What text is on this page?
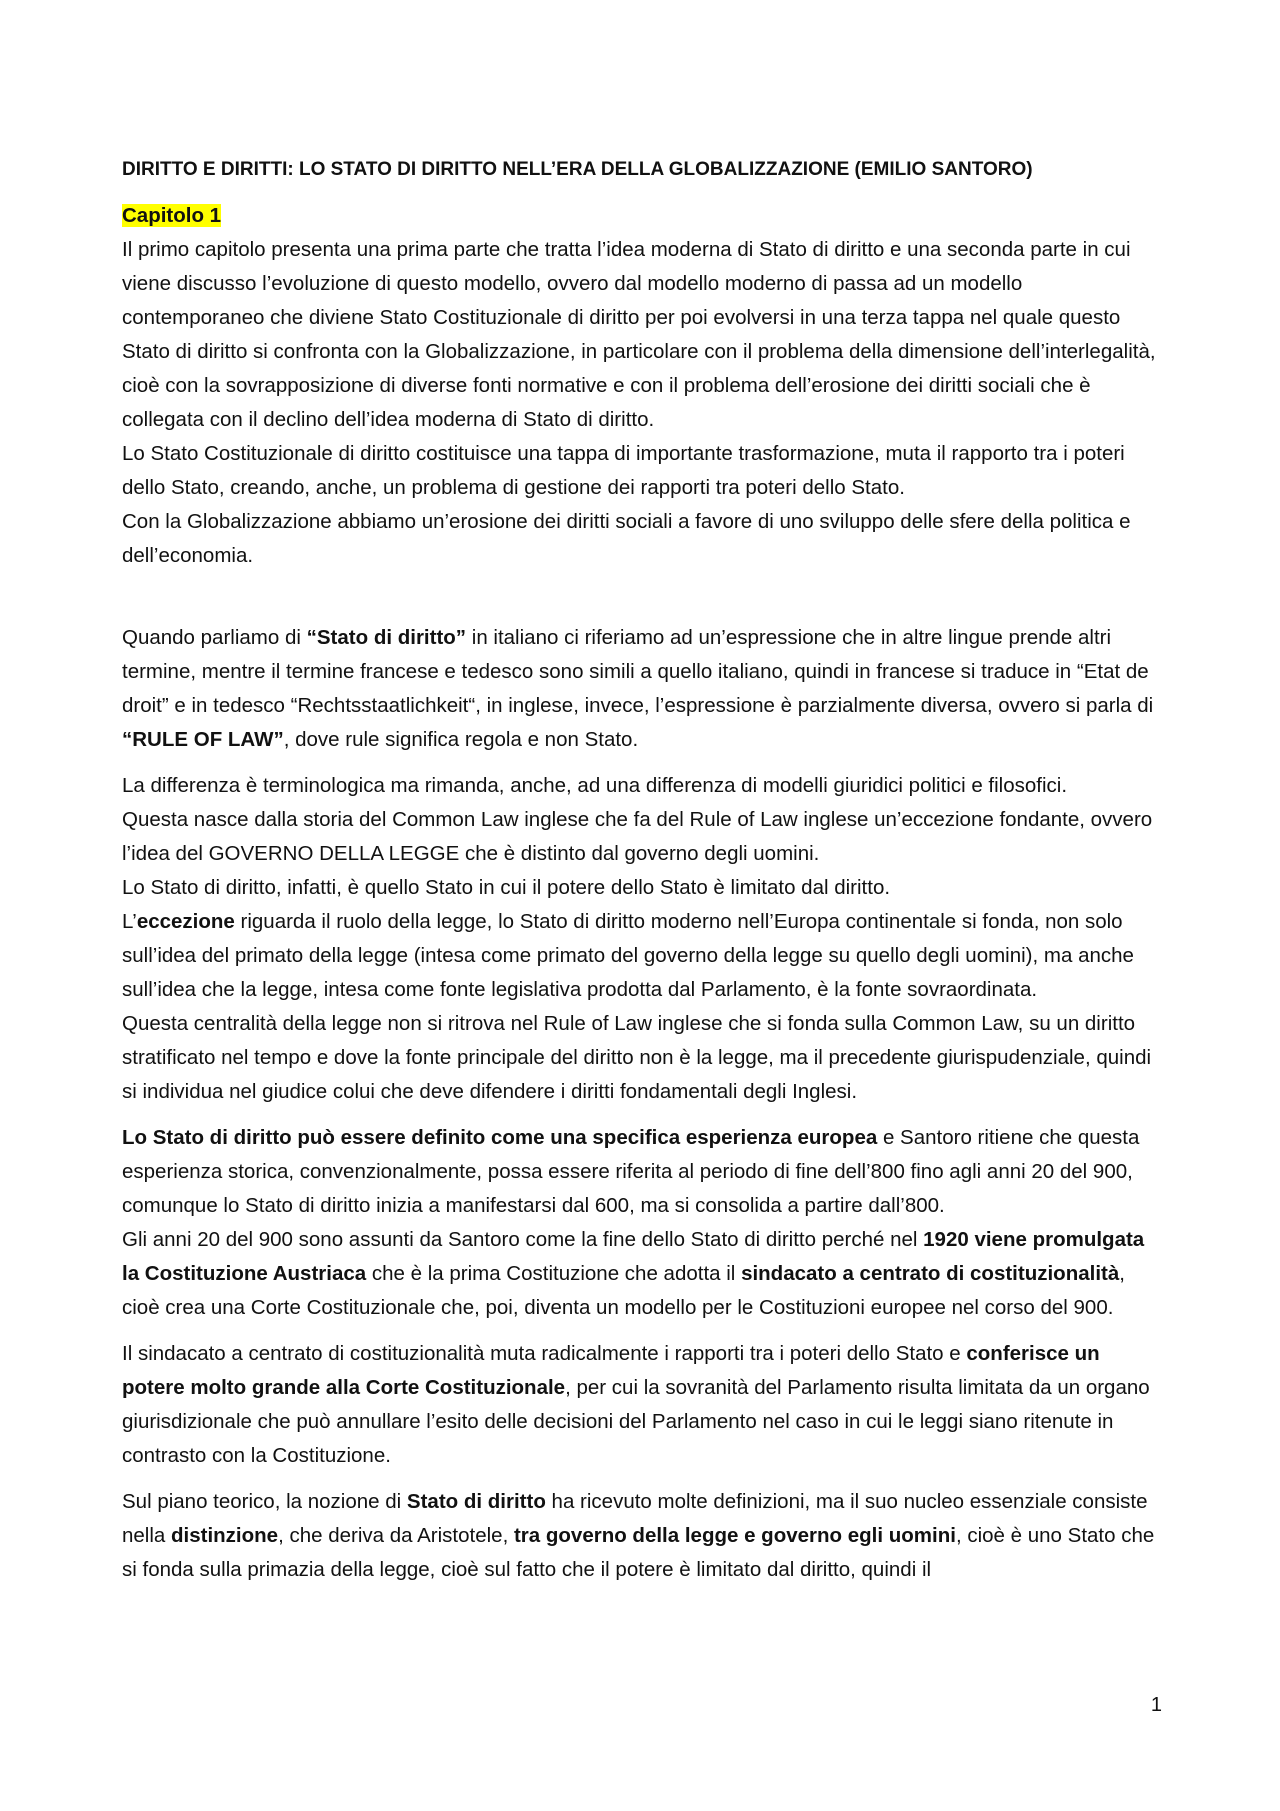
DIRITTO E DIRITTI: LO STATO DI DIRITTO NELL’ERA DELLA GLOBALIZZAZIONE (EMILIO SANTORO)
Capitolo 1

Il primo capitolo presenta una prima parte che tratta l’idea moderna di Stato di diritto e una seconda parte in cui viene discusso l’evoluzione di questo modello, ovvero dal modello moderno di passa ad un modello contemporaneo che diviene Stato Costituzionale di diritto per poi evolversi in una terza tappa nel quale questo Stato di diritto si confronta con la Globalizzazione, in particolare con il problema della dimensione dell’interlegalità, cioè con la sovrapposizione di diverse fonti normative e con il problema dell’erosione dei diritti sociali che è collegata con il declino dell’idea moderna di Stato di diritto.
Lo Stato Costituzionale di diritto costituisce una tappa di importante trasformazione, muta il rapporto tra i poteri dello Stato, creando, anche, un problema di gestione dei rapporti tra poteri dello Stato.
Con la Globalizzazione abbiamo un’erosione dei diritti sociali a favore di uno sviluppo delle sfere della politica e dell’economia.

Quando parliamo di “Stato di diritto” in italiano ci riferiamo ad un’espressione che in altre lingue prende altri termine, mentre il termine francese e tedesco sono simili a quello italiano, quindi in francese si traduce in “Etat de droit” e in tedesco “Rechtsstaatlichkeit“, in inglese, invece, l’espressione è parzialmente diversa, ovvero si parla di “RULE OF LAW”, dove rule significa regola e non Stato.

La differenza è terminologica ma rimanda, anche, ad una differenza di modelli giuridici politici e filosofici.
Questa nasce dalla storia del Common Law inglese che fa del Rule of Law inglese un’eccezione fondante, ovvero l’idea del GOVERNO DELLA LEGGE che è distinto dal governo degli uomini.
Lo Stato di diritto, infatti, è quello Stato in cui il potere dello Stato è limitato dal diritto.
L’eccezione riguarda il ruolo della legge, lo Stato di diritto moderno nell’Europa continentale si fonda, non solo sull’idea del primato della legge (intesa come primato del governo della legge su quello degli uomini), ma anche sull’idea che la legge, intesa come fonte legislativa prodotta dal Parlamento, è la fonte sovraordinata.
Questa centralità della legge non si ritrova nel Rule of Law inglese che si fonda sulla Common Law, su un diritto stratificato nel tempo e dove la fonte principale del diritto non è la legge, ma il precedente giurispudenziale, quindi si individua nel giudice colui che deve difendere i diritti fondamentali degli Inglesi.

Lo Stato di diritto può essere definito come una specifica esperienza europea e Santoro ritiene che questa esperienza storica, convenzionalmente, possa essere riferita al periodo di fine dell’800 fino agli anni 20 del 900, comunque lo Stato di diritto inizia a manifestarsi dal 600, ma si consolida a partire dall’800.
Gli anni 20 del 900 sono assunti da Santoro come la fine dello Stato di diritto perché nel 1920 viene promulgata la Costituzione Austriaca che è la prima Costituzione che adotta il sindacato a centrato di costituzionalità, cioè crea una Corte Costituzionale che, poi, diventa un modello per le Costituzioni europee nel corso del 900.

Il sindacato a centrato di costituzionalità muta radicalmente i rapporti tra i poteri dello Stato e conferisce un potere molto grande alla Corte Costituzionale, per cui la sovranità del Parlamento risulta limitata da un organo giurisdizionale che può annullare l’esito delle decisioni del Parlamento nel caso in cui le leggi siano ritenute in contrasto con la Costituzione.

Sul piano teorico, la nozione di Stato di diritto ha ricevuto molte definizioni, ma il suo nucleo essenziale consiste nella distinzione, che deriva da Aristotele, tra governo della legge e governo egli uomini, cioè è uno Stato che si fonda sulla primazia della legge, cioè sul fatto che il potere è limitato dal diritto, quindi il

1
